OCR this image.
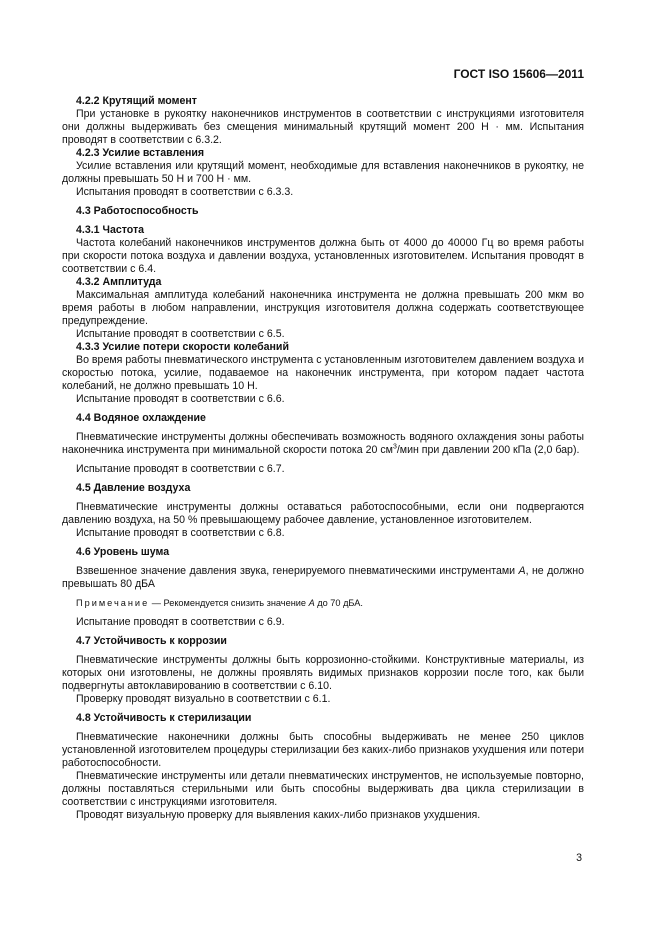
ГОСТ ISO 15606—2011
4.2.2 Крутящий момент
При установке в рукоятку наконечников инструментов в соответствии с инструкциями изготовителя они должны выдерживать без смещения минимальный крутящий момент 200 Н · мм. Испытания проводят в соответствии с 6.3.2.
4.2.3 Усилие вставления
Усилие вставления или крутящий момент, необходимые для вставления наконечников в рукоятку, не должны превышать 50 Н и 700 Н · мм.
Испытания проводят в соответствии с 6.3.3.
4.3 Работоспособность
4.3.1 Частота
Частота колебаний наконечников инструментов должна быть от 4000 до 40000 Гц во время работы при скорости потока воздуха и давлении воздуха, установленных изготовителем. Испытания проводят в соответствии с 6.4.
4.3.2 Амплитуда
Максимальная амплитуда колебаний наконечника инструмента не должна превышать 200 мкм во время работы в любом направлении, инструкция изготовителя должна содержать соответствующее предупреждение.
Испытание проводят в соответствии с 6.5.
4.3.3 Усилие потери скорости колебаний
Во время работы пневматического инструмента с установленным изготовителем давлением воздуха и скоростью потока, усилие, подаваемое на наконечник инструмента, при котором падает частота колебаний, не должно превышать 10 Н.
Испытание проводят в соответствии с 6.6.
4.4 Водяное охлаждение
Пневматические инструменты должны обеспечивать возможность водяного охлаждения зоны работы наконечника инструмента при минимальной скорости потока 20 $см^3$/мин при давлении 200 кПа (2,0 бар).
Испытание проводят в соответствии с 6.7.
4.5 Давление воздуха
Пневматические инструменты должны оставаться работоспособными, если они подвергаются давлению воздуха, на 50 % превышающему рабочее давление, установленное изготовителем.
Испытание проводят в соответствии с 6.8.
4.6 Уровень шума
Взвешенное значение давления звука, генерируемого пневматическими инструментами А, не должно превышать 80 дБА
Примечание — Рекомендуется снизить значение А до 70 дБА.
Испытание проводят в соответствии с 6.9.
4.7 Устойчивость к коррозии
Пневматические инструменты должны быть коррозионно-стойкими. Конструктивные материалы, из которых они изготовлены, не должны проявлять видимых признаков коррозии после того, как были подвергнуты автоклавированию в соответствии с 6.10.
Проверку проводят визуально в соответствии с 6.1.
4.8 Устойчивость к стерилизации
Пневматические наконечники должны быть способны выдерживать не менее 250 циклов установленной изготовителем процедуры стерилизации без каких-либо признаков ухудшения или потери работоспособности.
Пневматические инструменты или детали пневматических инструментов, не используемые повторно, должны поставляться стерильными или быть способны выдерживать два цикла стерилизации в соответствии с инструкциями изготовителя.
Проводят визуальную проверку для выявления каких-либо признаков ухудшения.
3
